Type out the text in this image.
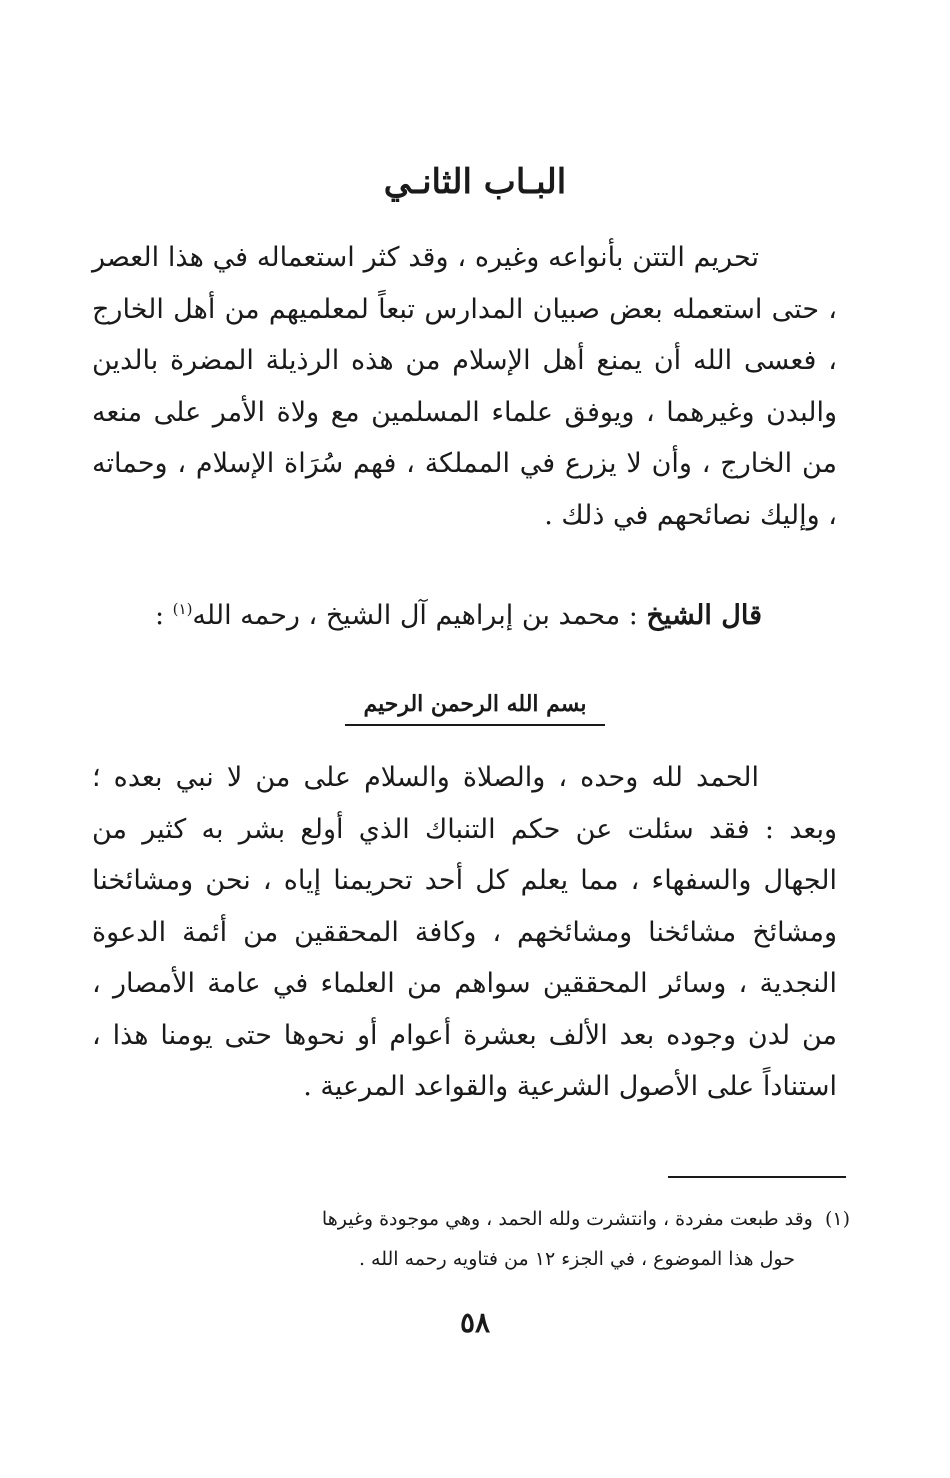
البـاب الثانـي

تحريم التتن بأنواعه وغيره ، وقد كثر استعماله في هذا العصر ، حتى استعمله بعض صبيان المدارس تبعاً لمعلميهم من أهل الخارج ، فعسى الله أن يمنع أهل الإسلام من هذه الرذيلة المضرة بالدين والبدن وغيرهما ، ويوفق علماء المسلمين مع ولاة الأمر على منعه من الخارج ، وأن لا يزرع في المملكة ، فهم سُرَاة الإسلام ، وحماته ، وإليك نصائحهم في ذلك .

قال الشيخ : محمد بن إبراهيم آل الشيخ ، رحمه الله$^{(١)}$ :

بسم الله الرحمن الرحيم

الحمد لله وحده ، والصلاة والسلام على من لا نبي بعده ؛ وبعد : فقد سئلت عن حكم التنباك الذي أولع بشر به كثير من الجهال والسفهاء ، مما يعلم كل أحد تحريمنا إياه ، نحن ومشائخنا ومشائخ مشائخنا ومشائخهم ، وكافة المحققين من أئمة الدعوة النجدية ، وسائر المحققين سواهم من العلماء في عامة الأمصار ، من لدن وجوده بعد الألف بعشرة أعوام أو نحوها حتى يومنا هذا ، استناداً على الأصول الشرعية والقواعد المرعية .

(١)  وقد طبعت مفردة ، وانتشرت ولله الحمد ، وهي موجودة وغيرها
حول هذا الموضوع ، في الجزء ١٢ من فتاويه رحمه الله .

٥٨
